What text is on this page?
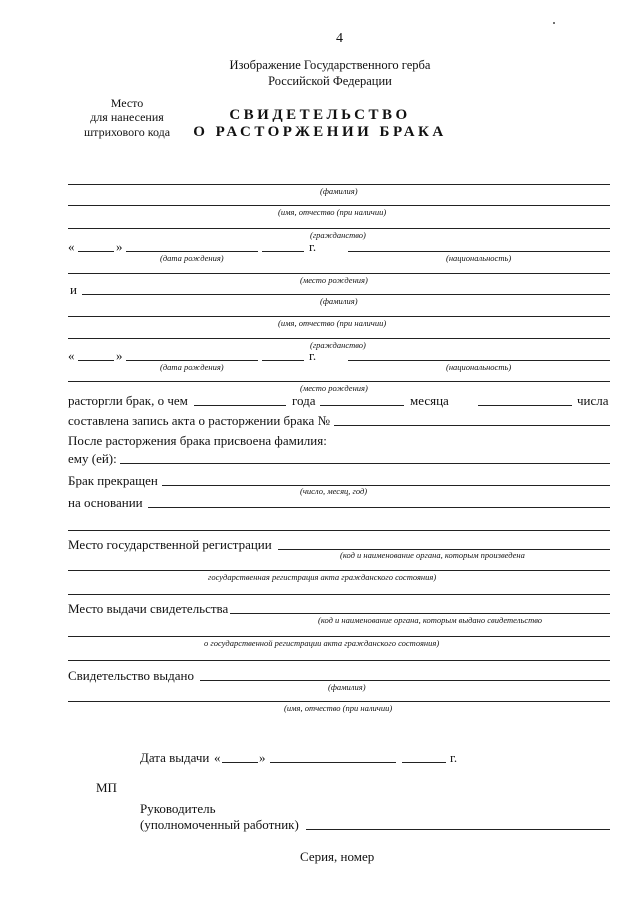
4
Изображение Государственного герба
Российской Федерации
Место
для нанесения
штрихового кода
СВИДЕТЕЛЬСТВО
О РАСТОРЖЕНИИ БРАКА
(фамилия)
(имя, отчество (при наличии)
(гражданство)
«	»	г.
(дата рождения)	(национальность)
(место рождения)
и
(фамилия)
(имя, отчество (при наличии)
(гражданство)
«	»	г.
(дата рождения)	(национальность)
(место рождения)
расторгли брак, о чем	года	месяца	числа
составлена запись акта о расторжении брака №
После расторжения брака присвоена фамилия:
ему (ей):
Брак прекращен
(число, месяц, год)
на основании
Место государственной регистрации
(код и наименование органа, которым произведена
государственная регистрация акта гражданского состояния)
Место выдачи свидетельства
(код и наименование органа, которым выдано свидетельство
о государственной регистрации акта гражданского состояния)
Свидетельство выдано
(фамилия)
(имя, отчество (при наличии)
Дата выдачи «	»	г.
МП
Руководитель
(уполномоченный работник)
Серия, номер
